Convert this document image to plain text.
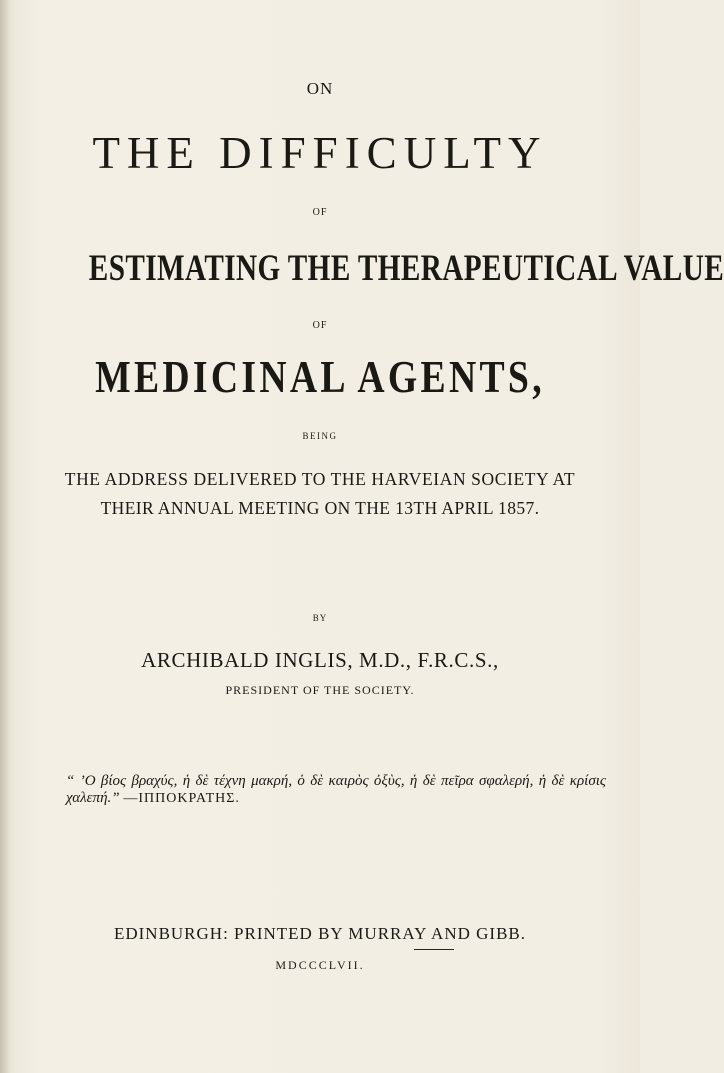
ON
THE DIFFICULTY
OF
ESTIMATING THE THERAPEUTICAL VALUE
OF
MEDICINAL AGENTS,
BEING
THE ADDRESS DELIVERED TO THE HARVEIAN SOCIETY AT
THEIR ANNUAL MEETING ON THE 13TH APRIL 1857.
BY
ARCHIBALD INGLIS, M.D., F.R.C.S.,
PRESIDENT OF THE SOCIETY.
“ ’Ο βίος βραχύς, ἡ δὲ τέχνη μακρή, ὁ δὲ καιρὸς ὀξὺς, ἡ δὲ πεῖρα σφαλερή, ἡ δὲ κρίσις χαλεπή.” —ΙΠΠΟΚΡΑΤΗΣ.
EDINBURGH: PRINTED BY MURRAY AND GIBB.
MDCCCLVII.
